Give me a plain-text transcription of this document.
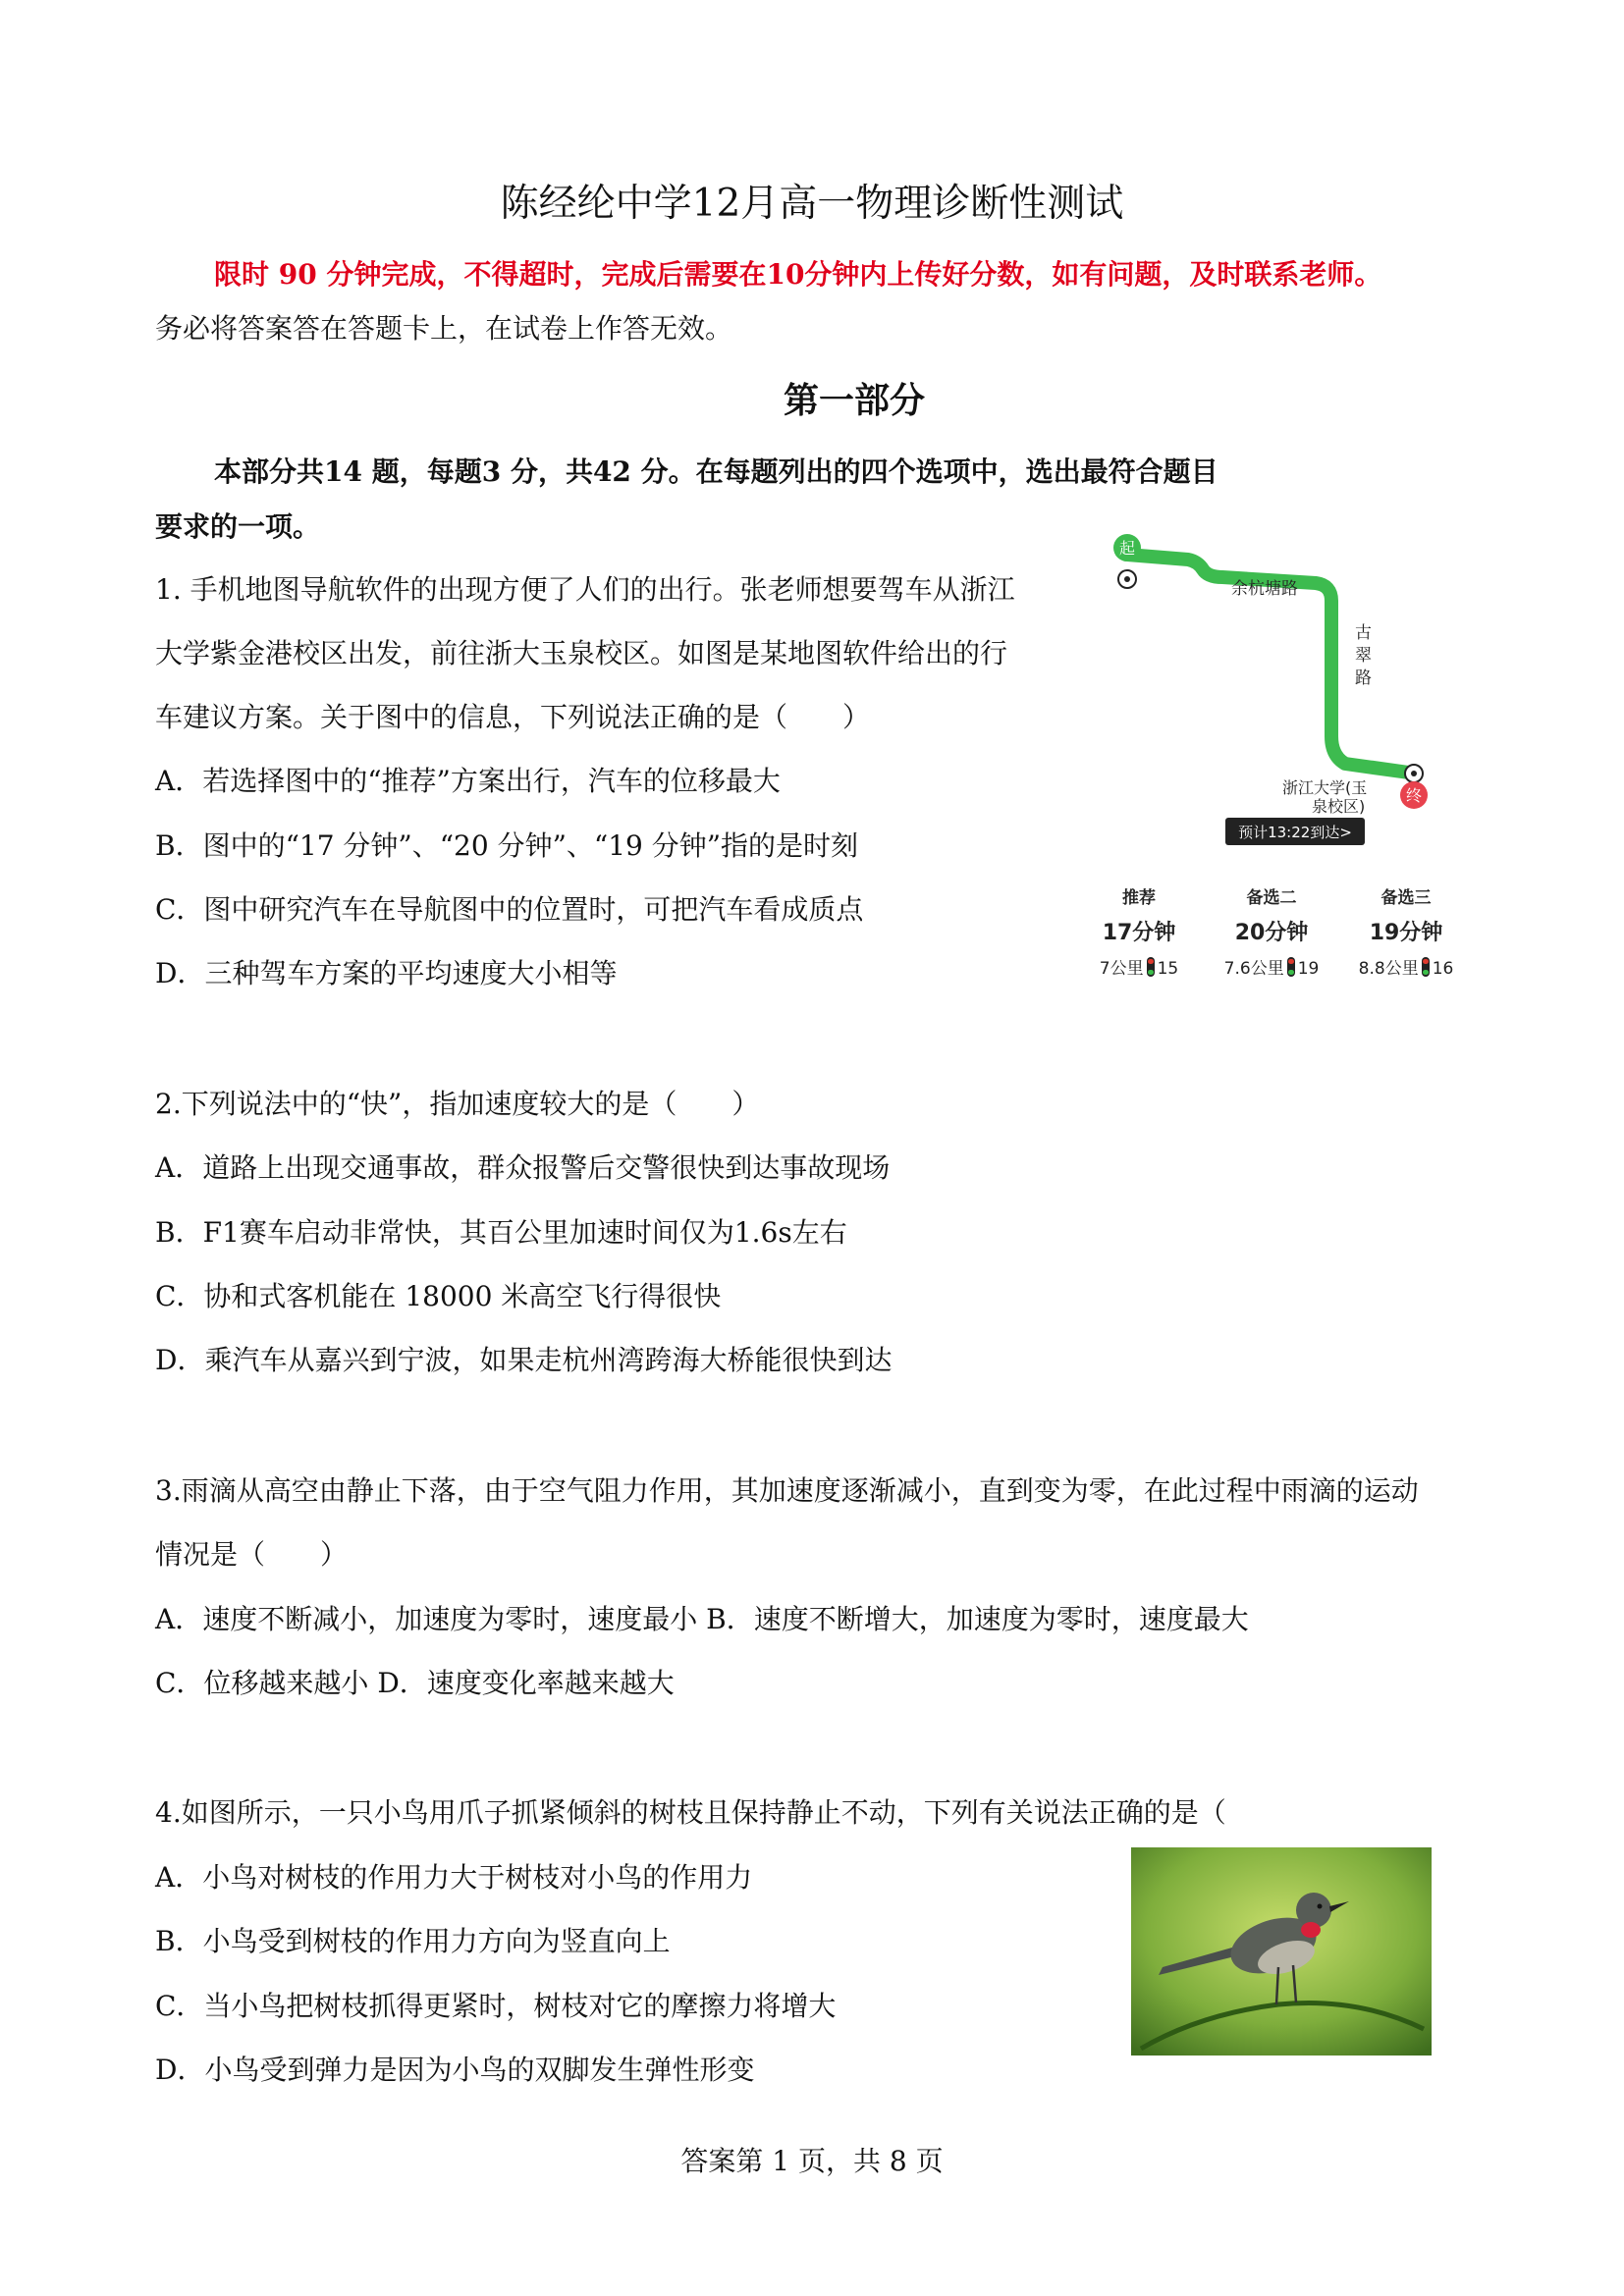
陈经纶中学12月高一物理诊断性测试
限时 90 分钟完成，不得超时，完成后需要在10分钟内上传好分数，如有问题，及时联系老师。
务必将答案答在答题卡上，在试卷上作答无效。
第一部分
本部分共14 题，每题3 分，共42 分。在每题列出的四个选项中，选出最符合题目
要求的一项。
1. 手机地图导航软件的出现方便了人们的出行。张老师想要驾车从浙江
大学紫金港校区出发，前往浙大玉泉校区。如图是某地图软件给出的行
车建议方案。关于图中的信息，下列说法正确的是（　　）
A．若选择图中的“推荐”方案出行，汽车的位移最大
B．图中的“17 分钟”、“20 分钟”、“19 分钟”指的是时刻
C．图中研究汽车在导航图中的位置时，可把汽车看成质点
D．三种驾车方案的平均速度大小相等
起
余杭塘路
古
翠
路
终
浙江大学(玉
泉校区)
预计13:22到达>
推荐
17分钟
7公里 15
备选二
20分钟
7.6公里 19
备选三
19分钟
8.8公里 16
2.下列说法中的“快”，指加速度较大的是（　　）
A．道路上出现交通事故，群众报警后交警很快到达事故现场
B．F1赛车启动非常快，其百公里加速时间仅为1.6s左右
C．协和式客机能在 18000 米高空飞行得很快
D．乘汽车从嘉兴到宁波，如果走杭州湾跨海大桥能很快到达
3.雨滴从高空由静止下落，由于空气阻力作用，其加速度逐渐减小，直到变为零，在此过程中雨滴的运动
情况是（　　）
A．速度不断减小，加速度为零时，速度最小 B．速度不断增大，加速度为零时，速度最大
C．位移越来越小 D．速度变化率越来越大
4.如图所示，一只小鸟用爪子抓紧倾斜的树枝且保持静止不动，下列有关说法正确的是（
A．小鸟对树枝的作用力大于树枝对小鸟的作用力
B．小鸟受到树枝的作用力方向为竖直向上
C．当小鸟把树枝抓得更紧时，树枝对它的摩擦力将增大
D．小鸟受到弹力是因为小鸟的双脚发生弹性形变
答案第 1 页，共 8 页
